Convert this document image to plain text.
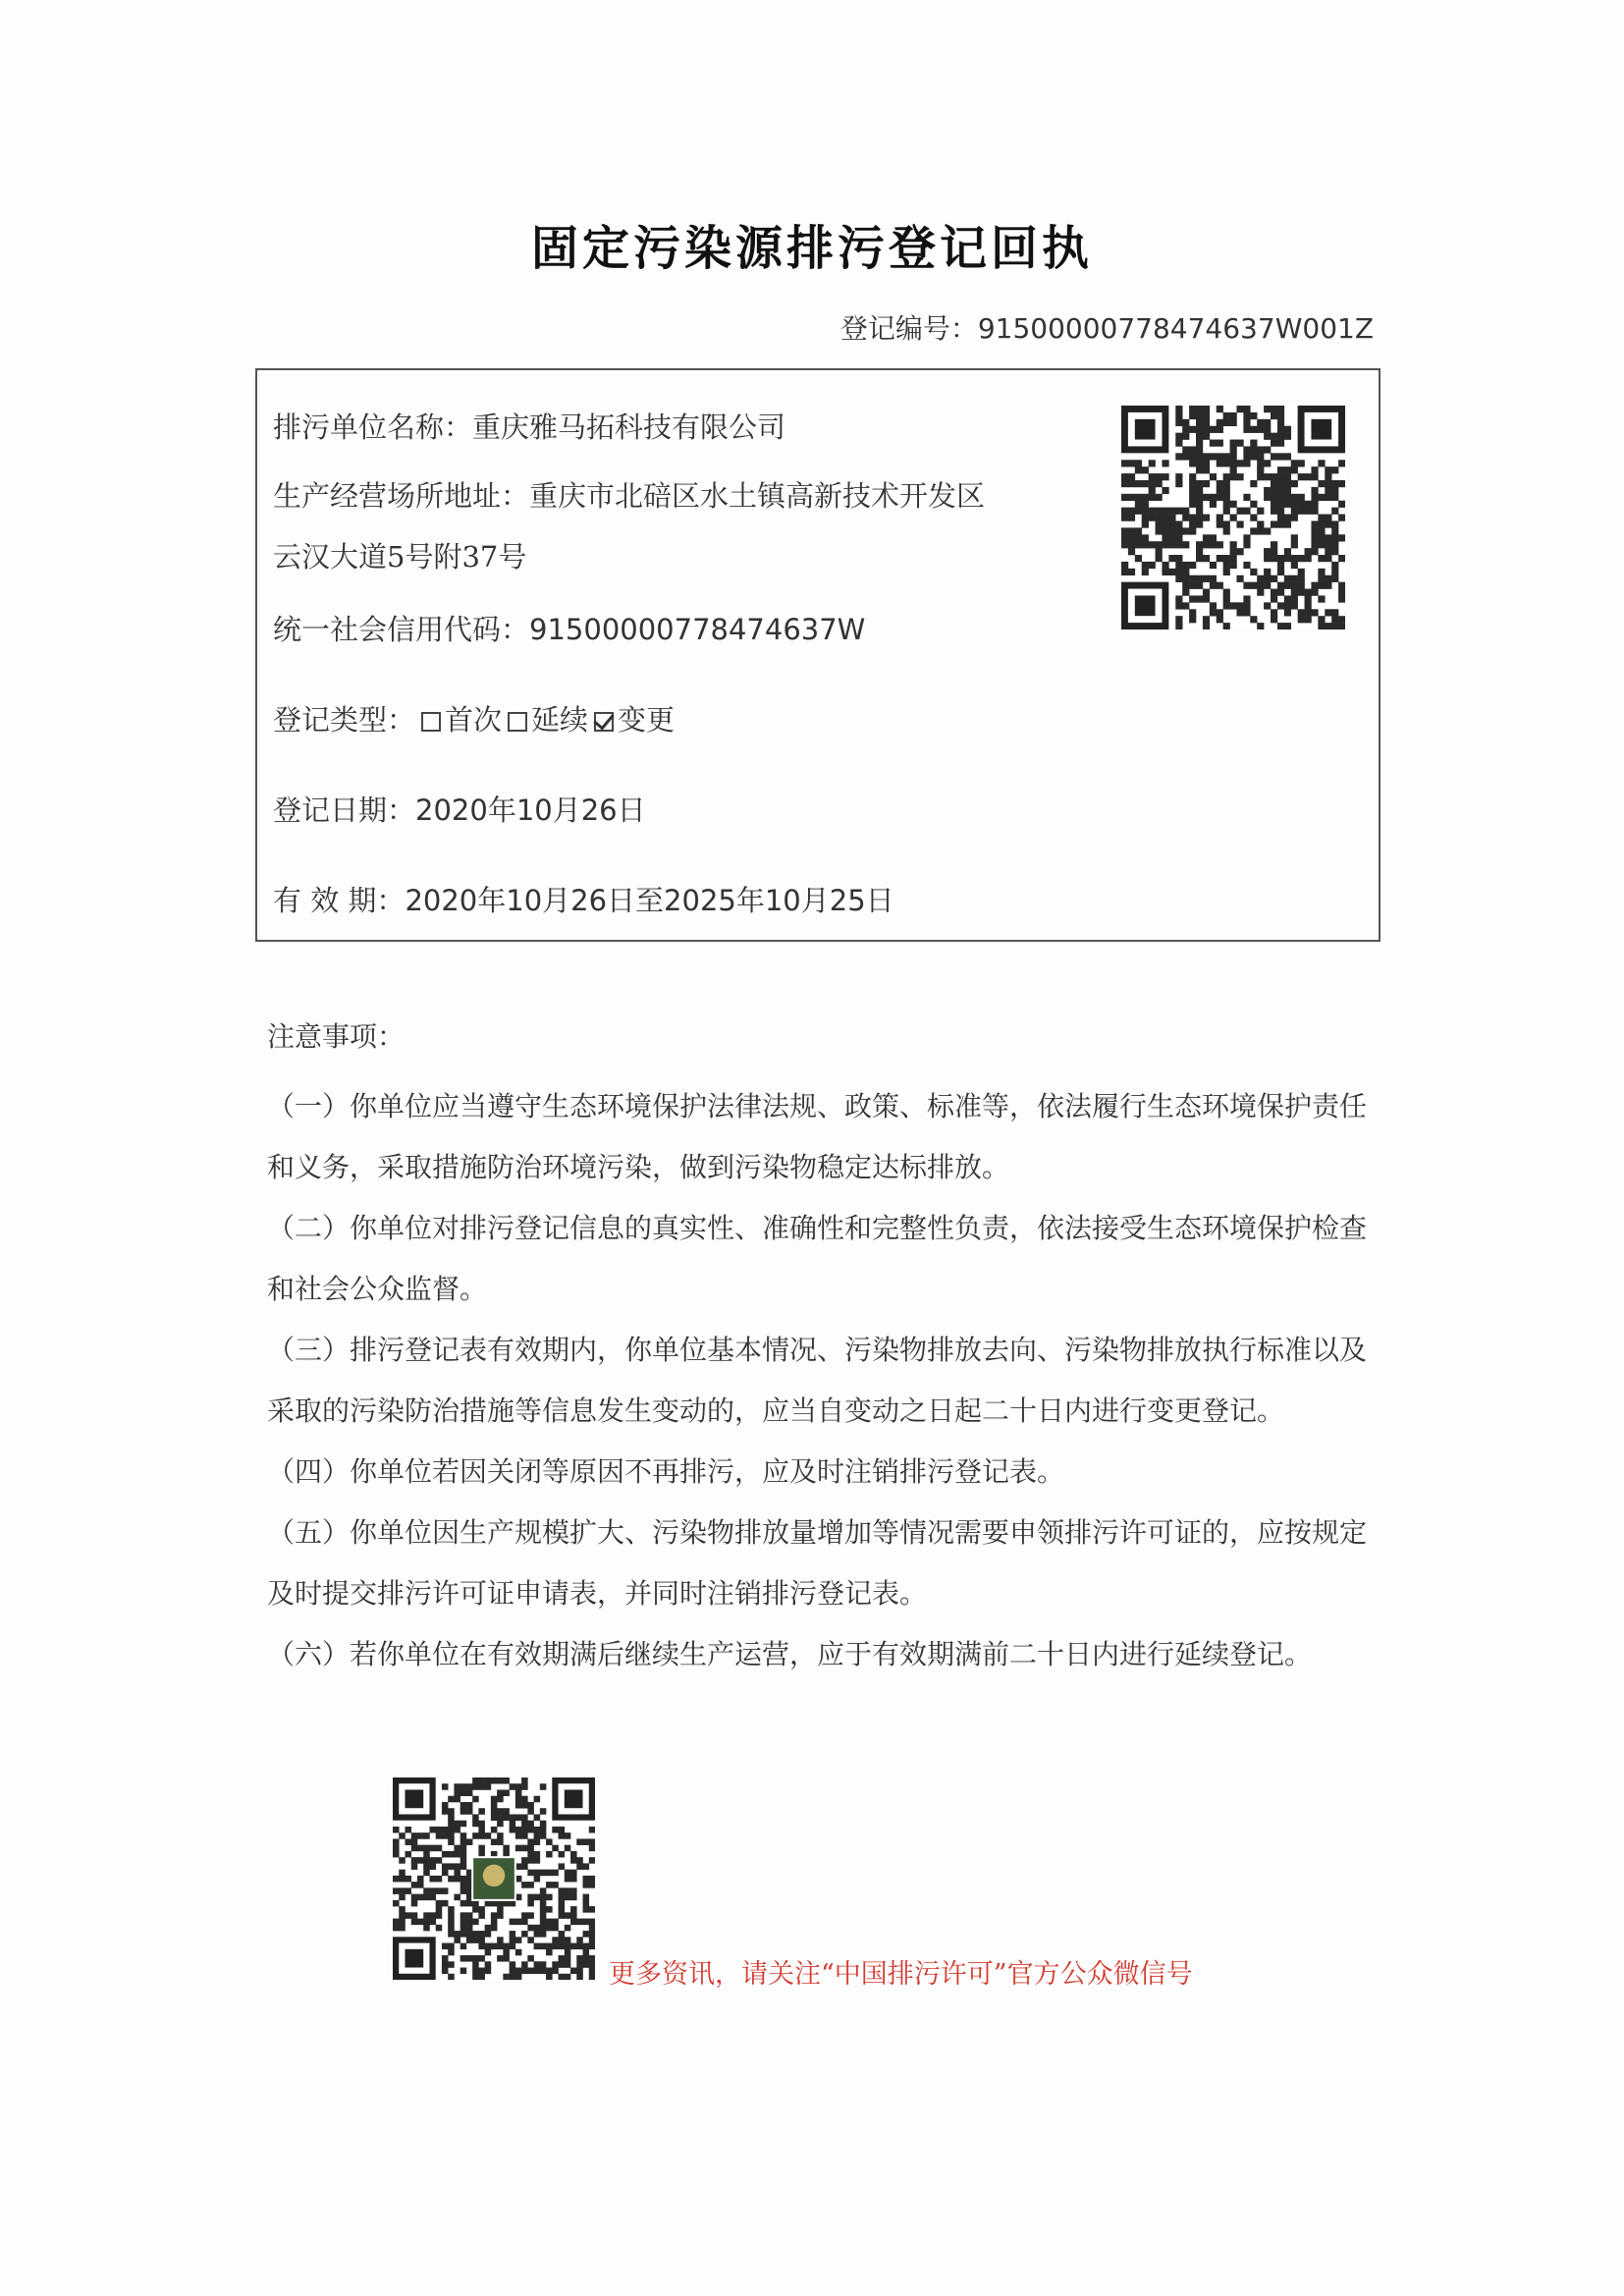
固定污染源排污登记回执
登记编号：91500000778474637W001Z
排污单位名称：重庆雅马拓科技有限公司
生产经营场所地址：重庆市北碚区水土镇高新技术开发区
云汉大道5号附37号
统一社会信用代码：91500000778474637W
登记类型： 首次 延续 变更
登记日期：2020年10月26日
有 效 期：2020年10月26日至2025年10月25日
注意事项：
（一）你单位应当遵守生态环境保护法律法规、政策、标准等，依法履行生态环境保护责任和义务，采取措施防治环境污染，做到污染物稳定达标排放。
（二）你单位对排污登记信息的真实性、准确性和完整性负责，依法接受生态环境保护检查和社会公众监督。
（三）排污登记表有效期内，你单位基本情况、污染物排放去向、污染物排放执行标准以及采取的污染防治措施等信息发生变动的，应当自变动之日起二十日内进行变更登记。
（四）你单位若因关闭等原因不再排污，应及时注销排污登记表。
（五）你单位因生产规模扩大、污染物排放量增加等情况需要申领排污许可证的，应按规定及时提交排污许可证申请表，并同时注销排污登记表。
（六）若你单位在有效期满后继续生产运营，应于有效期满前二十日内进行延续登记。
更多资讯，请关注“中国排污许可”官方公众微信号
